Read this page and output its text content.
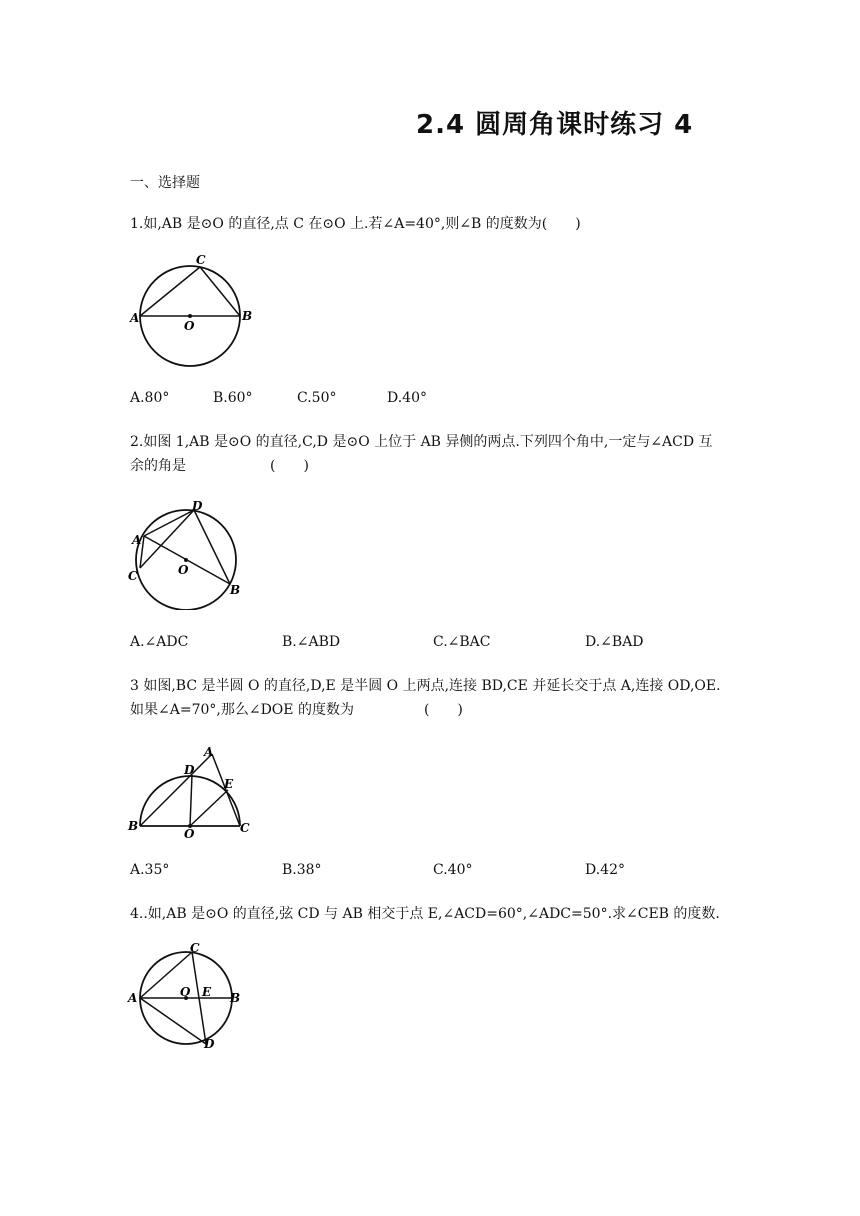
2.4 圆周角课时练习 4
一、选择题
1.如,AB 是⊙O 的直径,点 C 在⊙O 上.若∠A=40°,则∠B 的度数为(　　)
A	B
C
O
A.80°	B.60°	C.50°	D.40°
2.如图 1,AB 是⊙O 的直径,C,D 是⊙O 上位于 AB 异侧的两点.下列四个角中,一定与∠ACD 互
余的角是　　　　　　(　　)
A
B
C
D
O
A.∠ADC	B.∠ABD	C.∠BAC	D.∠BAD
3 如图,BC 是半圆 O 的直径,D,E 是半圆 O 上两点,连接 BD,CE 并延长交于点 A,连接 OD,OE.
如果∠A=70°,那么∠DOE 的度数为　　　　　(　　)
A
B	C
D
E
O
A.35°	B.38°	C.40°	D.42°
4..如,AB 是⊙O 的直径,弦 CD 与 AB 相交于点 E,∠ACD=60°,∠ADC=50°.求∠CEB 的度数.
A	B
C
D
E
O
